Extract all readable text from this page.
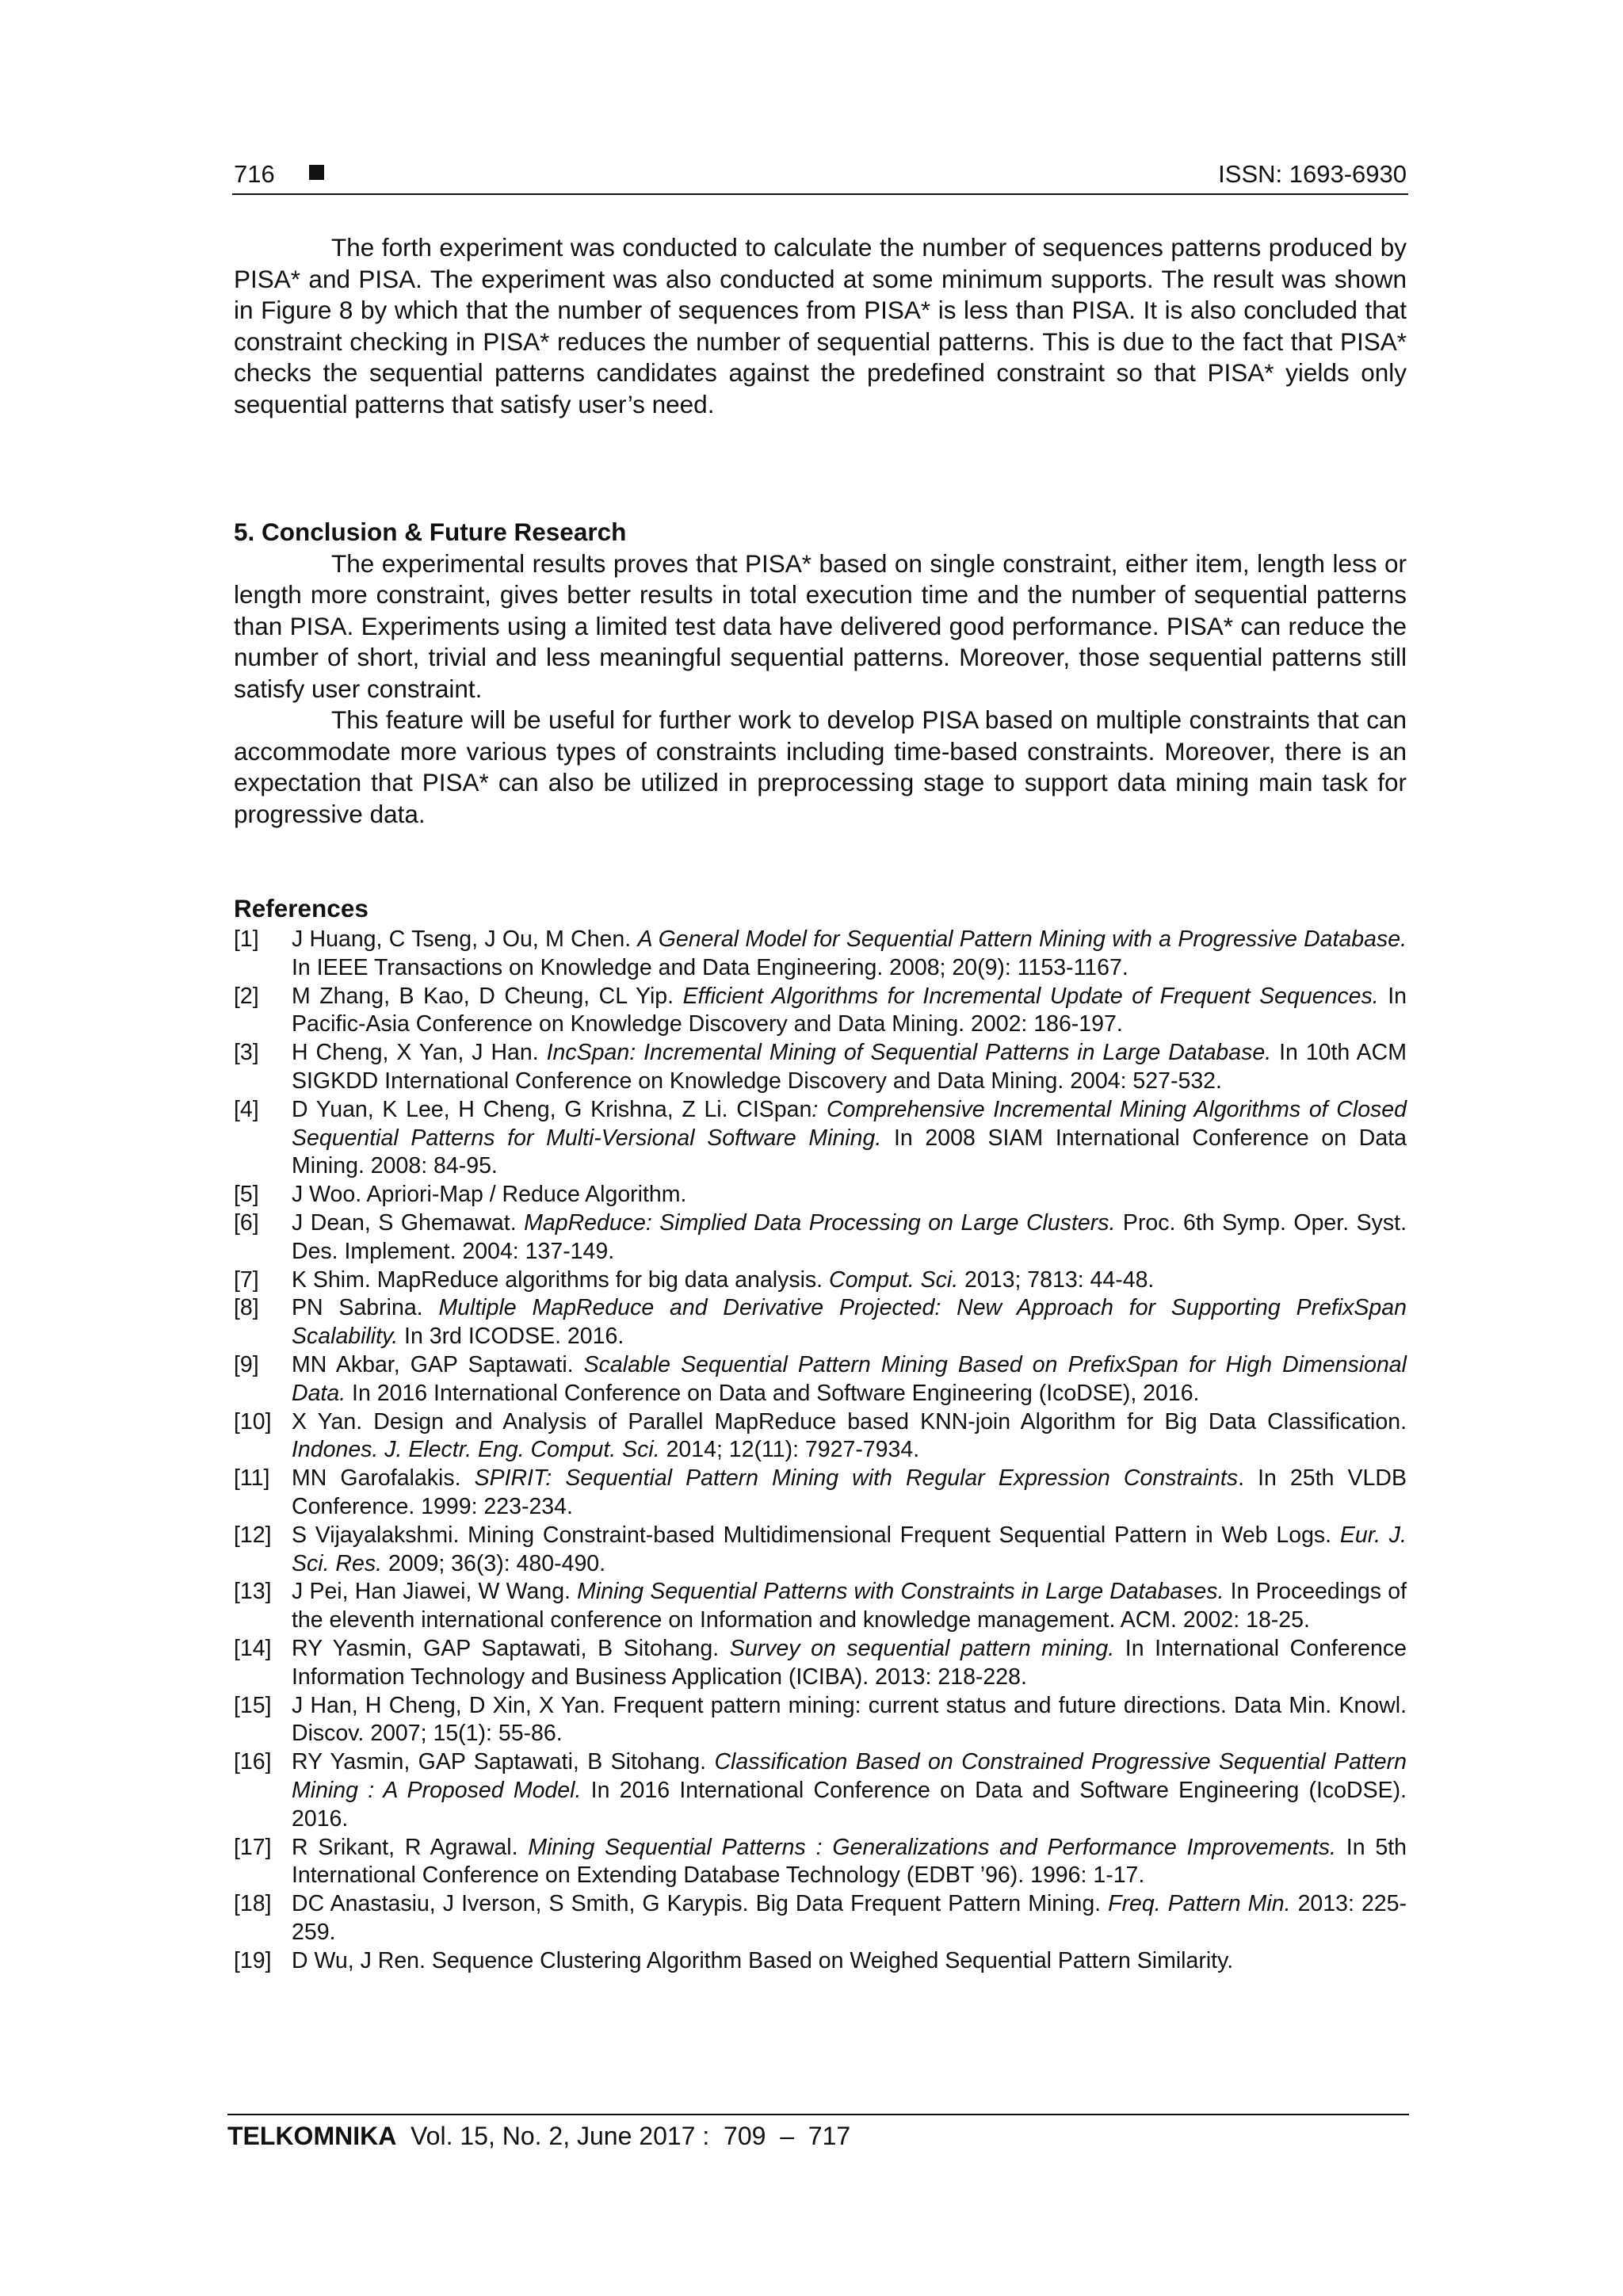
716	ISSN: 1693-6930

The forth experiment was conducted to calculate the number of sequences patterns produced by PISA* and PISA. The experiment was also conducted at some minimum supports. The result was shown in Figure 8 by which that the number of sequences from PISA* is less than PISA. It is also concluded that constraint checking in PISA* reduces the number of sequential patterns. This is due to the fact that PISA* checks the sequential patterns candidates against the predefined constraint so that PISA* yields only sequential patterns that satisfy user’s need.

5. Conclusion & Future Research

The experimental results proves that PISA* based on single constraint, either item, length less or length more constraint, gives better results in total execution time and the number of sequential patterns than PISA. Experiments using a limited test data have delivered good performance. PISA* can reduce the number of short, trivial and less meaningful sequential patterns. Moreover, those sequential patterns still satisfy user constraint.

This feature will be useful for further work to develop PISA based on multiple constraints that can accommodate more various types of constraints including time-based constraints. Moreover, there is an expectation that PISA* can also be utilized in preprocessing stage to support data mining main task for progressive data.

References
[1] J Huang, C Tseng, J Ou, M Chen. A General Model for Sequential Pattern Mining with a Progressive Database. In IEEE Transactions on Knowledge and Data Engineering. 2008; 20(9): 1153-1167.
[2] M Zhang, B Kao, D Cheung, CL Yip. Efficient Algorithms for Incremental Update of Frequent Sequences. In Pacific-Asia Conference on Knowledge Discovery and Data Mining. 2002: 186-197.
[3] H Cheng, X Yan, J Han. IncSpan: Incremental Mining of Sequential Patterns in Large Database. In 10th ACM SIGKDD International Conference on Knowledge Discovery and Data Mining. 2004: 527-532.
[4] D Yuan, K Lee, H Cheng, G Krishna, Z Li. CISpan: Comprehensive Incremental Mining Algorithms of Closed Sequential Patterns for Multi-Versional Software Mining. In 2008 SIAM International Conference on Data Mining. 2008: 84-95.
[5] J Woo. Apriori-Map / Reduce Algorithm.
[6] J Dean, S Ghemawat. MapReduce: Simplied Data Processing on Large Clusters. Proc. 6th Symp. Oper. Syst. Des. Implement. 2004: 137-149.
[7] K Shim. MapReduce algorithms for big data analysis. Comput. Sci. 2013; 7813: 44-48.
[8] PN Sabrina. Multiple MapReduce and Derivative Projected: New Approach for Supporting PrefixSpan Scalability. In 3rd ICODSE. 2016.
[9] MN Akbar, GAP Saptawati. Scalable Sequential Pattern Mining Based on PrefixSpan for High Dimensional Data. In 2016 International Conference on Data and Software Engineering (IcoDSE), 2016.
[10] X Yan. Design and Analysis of Parallel MapReduce based KNN-join Algorithm for Big Data Classification. Indones. J. Electr. Eng. Comput. Sci. 2014; 12(11): 7927-7934.
[11] MN Garofalakis. SPIRIT: Sequential Pattern Mining with Regular Expression Constraints. In 25th VLDB Conference. 1999: 223-234.
[12] S Vijayalakshmi. Mining Constraint-based Multidimensional Frequent Sequential Pattern in Web Logs. Eur. J. Sci. Res. 2009; 36(3): 480-490.
[13] J Pei, Han Jiawei, W Wang. Mining Sequential Patterns with Constraints in Large Databases. In Proceedings of the eleventh international conference on Information and knowledge management. ACM. 2002: 18-25.
[14] RY Yasmin, GAP Saptawati, B Sitohang. Survey on sequential pattern mining. In International Conference Information Technology and Business Application (ICIBA). 2013: 218-228.
[15] J Han, H Cheng, D Xin, X Yan. Frequent pattern mining: current status and future directions. Data Min. Knowl. Discov. 2007; 15(1): 55-86.
[16] RY Yasmin, GAP Saptawati, B Sitohang. Classification Based on Constrained Progressive Sequential Pattern Mining : A Proposed Model. In 2016 International Conference on Data and Software Engineering (IcoDSE). 2016.
[17] R Srikant, R Agrawal. Mining Sequential Patterns : Generalizations and Performance Improvements. In 5th International Conference on Extending Database Technology (EDBT ’96). 1996: 1-17.
[18] DC Anastasiu, J Iverson, S Smith, G Karypis. Big Data Frequent Pattern Mining. Freq. Pattern Min. 2013: 225-259.
[19] D Wu, J Ren. Sequence Clustering Algorithm Based on Weighed Sequential Pattern Similarity.
TELKOMNIKA  Vol. 15, No. 2, June 2017 :  709  –  717
